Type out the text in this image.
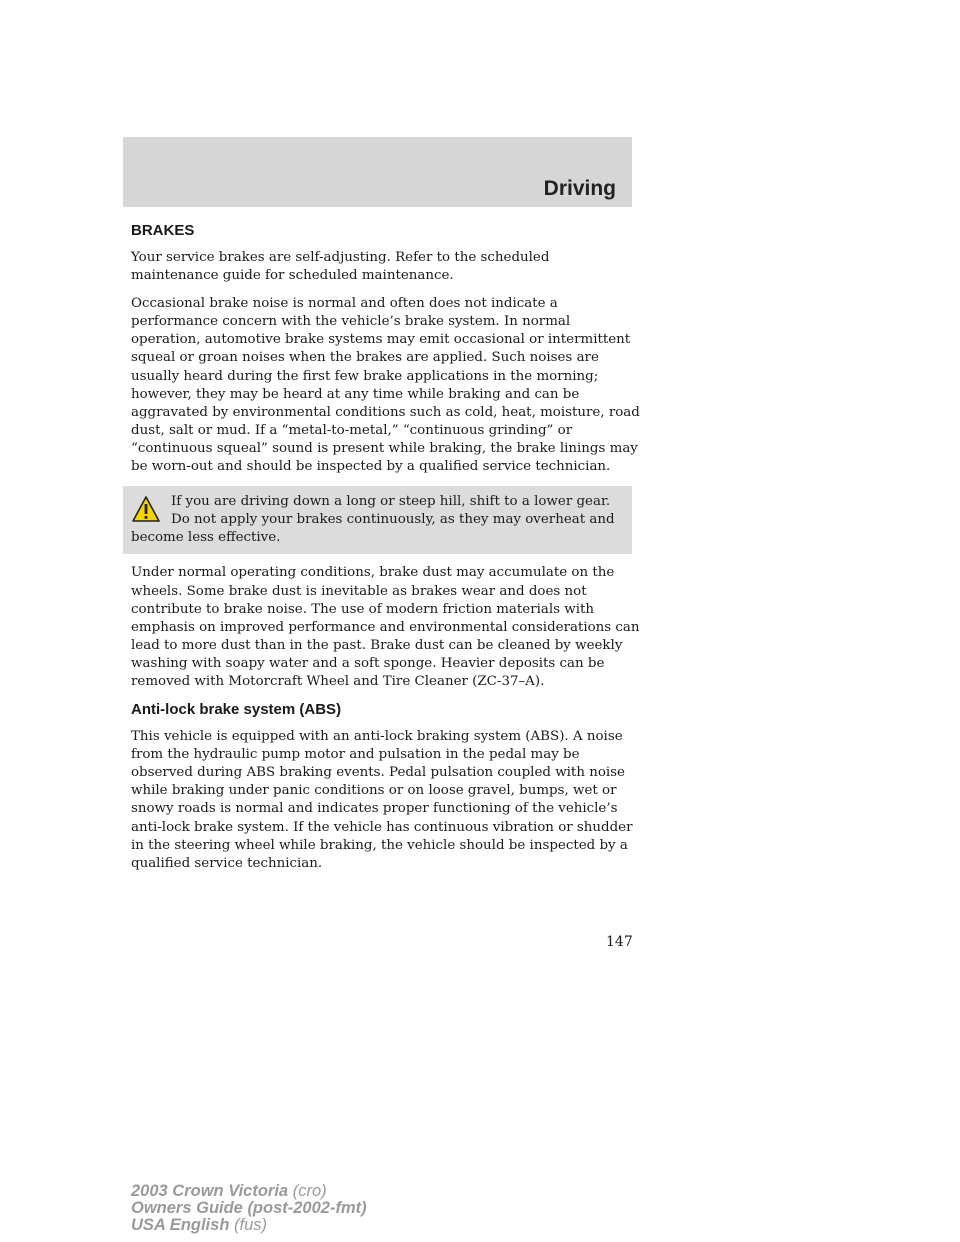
Driving
BRAKES

Your service brakes are self-adjusting. Refer to the scheduled maintenance guide for scheduled maintenance.

Occasional brake noise is normal and often does not indicate a performance concern with the vehicle’s brake system. In normal operation, automotive brake systems may emit occasional or intermittent squeal or groan noises when the brakes are applied. Such noises are usually heard during the first few brake applications in the morning; however, they may be heard at any time while braking and can be aggravated by environmental conditions such as cold, heat, moisture, road dust, salt or mud. If a “metal-to-metal,” “continuous grinding” or “continuous squeal” sound is present while braking, the brake linings may be worn-out and should be inspected by a qualified service technician.

If you are driving down a long or steep hill, shift to a lower gear. Do not apply your brakes continuously, as they may overheat and become less effective.

Under normal operating conditions, brake dust may accumulate on the wheels. Some brake dust is inevitable as brakes wear and does not contribute to brake noise. The use of modern friction materials with emphasis on improved performance and environmental considerations can lead to more dust than in the past. Brake dust can be cleaned by weekly washing with soapy water and a soft sponge. Heavier deposits can be removed with Motorcraft Wheel and Tire Cleaner (ZC-37–A).

Anti-lock brake system (ABS)

This vehicle is equipped with an anti-lock braking system (ABS). A noise from the hydraulic pump motor and pulsation in the pedal may be observed during ABS braking events. Pedal pulsation coupled with noise while braking under panic conditions or on loose gravel, bumps, wet or snowy roads is normal and indicates proper functioning of the vehicle’s anti-lock brake system. If the vehicle has continuous vibration or shudder in the steering wheel while braking, the vehicle should be inspected by a qualified service technician.

147
2003 Crown Victoria (cro)
Owners Guide (post-2002-fmt)
USA English (fus)
